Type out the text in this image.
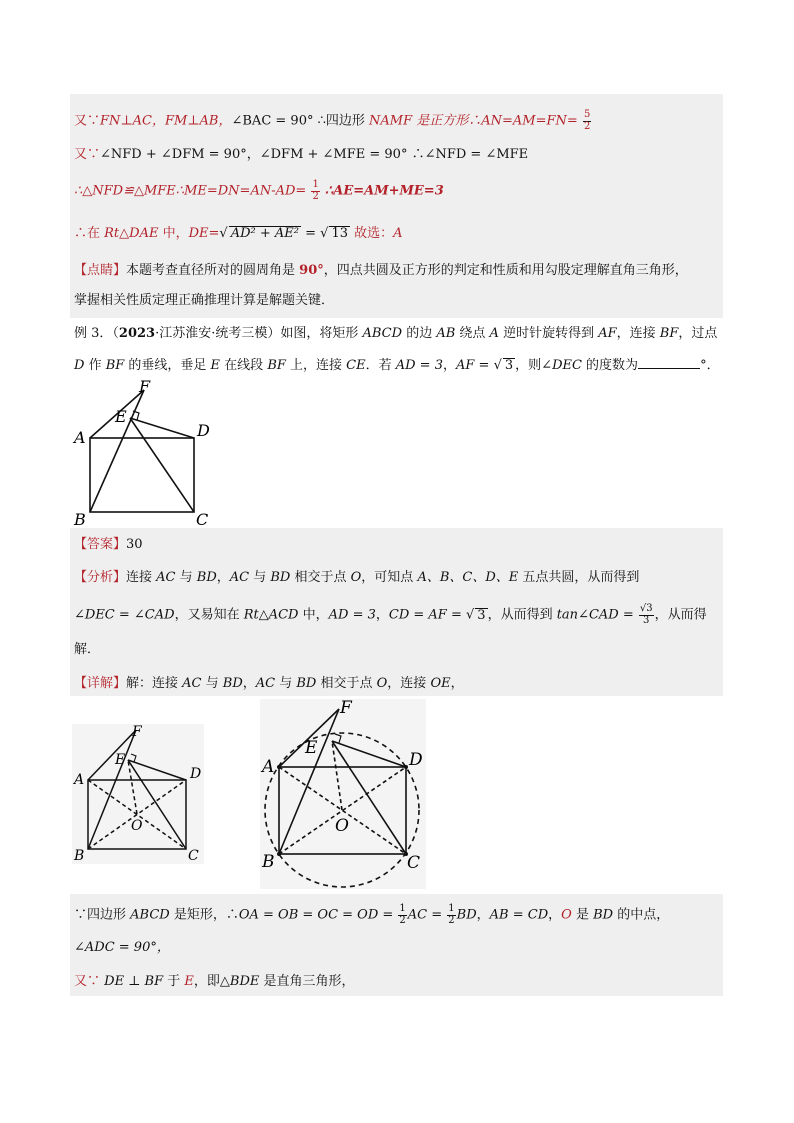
又∵FN⊥AC，FM⊥AB，∠BAC = 90° ∴四边形 NAMF 是正方形∴AN=AM=FN= $\frac{5}{2}$
又∵∠NFD + ∠DFM = 90°，∠DFM + ∠MFE = 90° ∴∠NFD = ∠MFE
∴△NFD≌△MFE∴ME=DN=AN-AD= $\frac{1}{2}$ ∴AE=AM+ME=3
∴在 Rt△DAE 中，DE=√ AD² + AE² = √ 13 故选：A
【点睛】本题考查直径所对的圆周角是 90°，四点共圆及正方形的判定和性质和用勾股定理解直角三角形，
掌握相关性质定理正确推理计算是解题关键．
例 3．（2023·江苏淮安·统考三模）如图，将矩形 ABCD 的边 AB 绕点 A 逆时针旋转得到 AF，连接 BF，过点
D 作 BF 的垂线，垂足 E 在线段 BF 上，连接 CE．若 AD = 3，AF = √ 3 ，则∠DEC 的度数为	°．
F
E
A	D
B	C
【答案】30
【分析】连接 AC 与 BD，AC 与 BD 相交于点 O，可知点 A、B、C、D、E 五点共圆，从而得到
∠DEC = ∠CAD，又易知在 Rt△ACD 中，AD = 3，CD = AF = √ 3 ，从而得到 tan∠CAD = $\frac{√3}{3}$ ，从而得
解．
【详解】解：连接 AC 与 BD，AC 与 BD 相交于点 O，连接 OE，
F
E
A	D
B	C
O
F
E
A	D
B	C
O
∵四边形 ABCD 是矩形，∴OA = OB = OC = OD = $\frac{1}{2}$ AC = $\frac{1}{2}$ BD，AB = CD，O 是 BD 的中点，
∠ADC = 90°，
又∵ DE ⊥ BF 于 E，即△BDE 是直角三角形，
